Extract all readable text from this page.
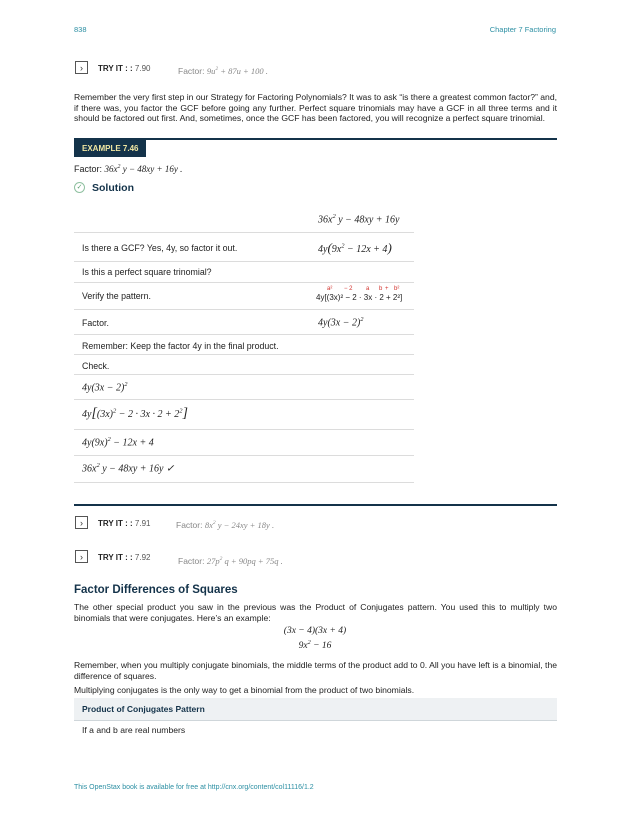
838	Chapter 7 Factoring
› TRY IT : : 7.90	Factor: $9u^2 + 87u + 100$ .
Remember the very first step in our Strategy for Factoring Polynomials? It was to ask “is there a greatest common factor?” and, if there was, you factor the GCF before going any further. Perfect square trinomials may have a GCF in all three terms and it should be factored out first. And, sometimes, once the GCF has been factored, you will recognize a perfect square trinomial.
EXAMPLE 7.46
Factor: $36x^2$ y − 48xy + 16y .
✓ Solution
$36x^2$ y − 48xy + 16y
Is there a GCF? Yes, 4y, so factor it out.	$4y(9x^2 - 12x + 4)$
Is this a perfect square trinomial?
a² − 2 a b + b²
Verify the pattern.	4y[(3x)² − 2 · 3x · 2 + 2²]
Factor.	$4y(3x - 2)^2$
Remember: Keep the factor 4y in the final product.
Check.
$4y(3x - 2)^2$
$4y[(3x)^2 - 2 \cdot 3x \cdot 2 + 2^2]$
$4y(9x)^2 - 12x + 4$
$36x^2$ y − 48xy + 16y ✓
› TRY IT : : 7.91	Factor: $8x^2$ y − 24xy + 18y .
› TRY IT : : 7.92	Factor: $27p^2$ q + 90pq + 75q .
Factor Differences of Squares
The other special product you saw in the previous was the Product of Conjugates pattern. You used this to multiply two binomials that were conjugates. Here’s an example:
(3x − 4)(3x + 4)
$9x^2 - 16$
Remember, when you multiply conjugate binomials, the middle terms of the product add to 0. All you have left is a binomial, the difference of squares.
Multiplying conjugates is the only way to get a binomial from the product of two binomials.
Product of Conjugates Pattern
If a and b are real numbers
This OpenStax book is available for free at http://cnx.org/content/col11116/1.2
